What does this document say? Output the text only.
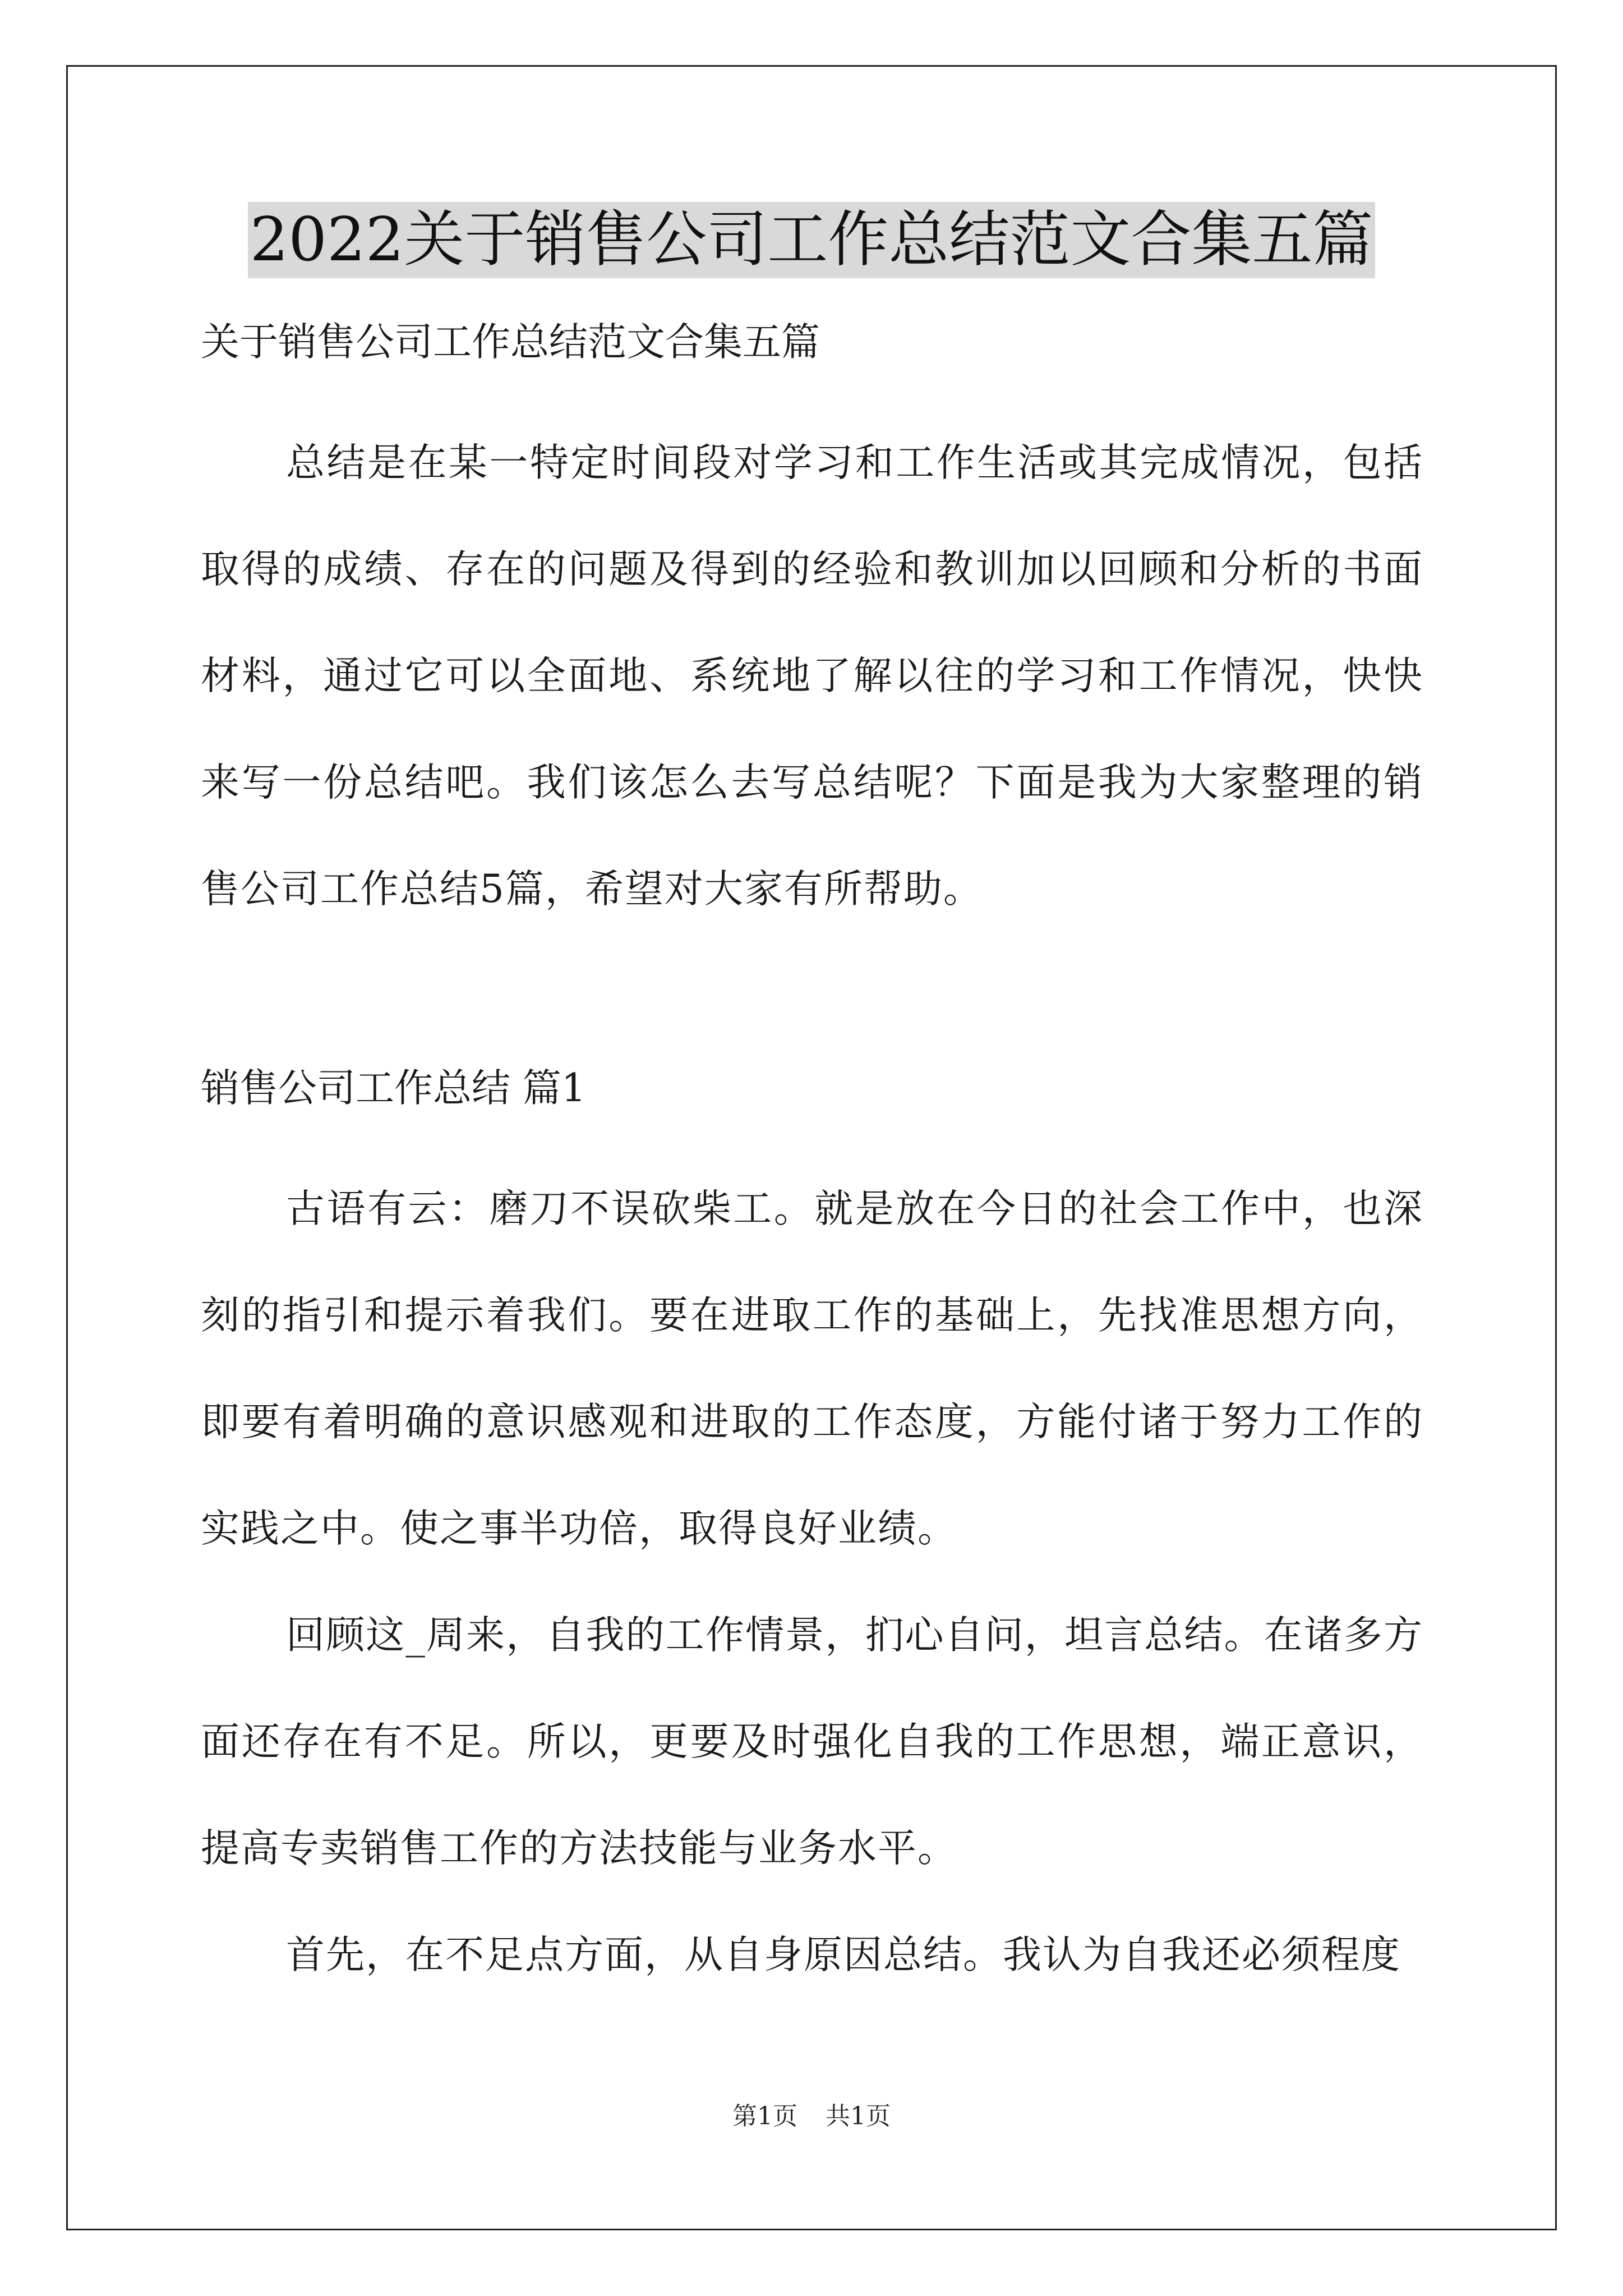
2022关于销售公司工作总结范文合集五篇

关于销售公司工作总结范文合集五篇

总结是在某一特定时间段对学习和工作生活或其完成情况，包括取得的成绩、存在的问题及得到的经验和教训加以回顾和分析的书面材料，通过它可以全面地、系统地了解以往的学习和工作情况，快快来写一份总结吧。我们该怎么去写总结呢？下面是我为大家整理的销售公司工作总结5篇，希望对大家有所帮助。

销售公司工作总结 篇1

古语有云：磨刀不误砍柴工。就是放在今日的社会工作中，也深刻的指引和提示着我们。要在进取工作的基础上，先找准思想方向，即要有着明确的意识感观和进取的工作态度，方能付诸于努力工作的实践之中。使之事半功倍，取得良好业绩。

回顾这_周来，自我的工作情景，扪心自问，坦言总结。在诸多方面还存在有不足。所以，更要及时强化自我的工作思想，端正意识，提高专卖销售工作的方法技能与业务水平。

首先，在不足点方面，从自身原因总结。我认为自我还必须程度

第1页 共1页
